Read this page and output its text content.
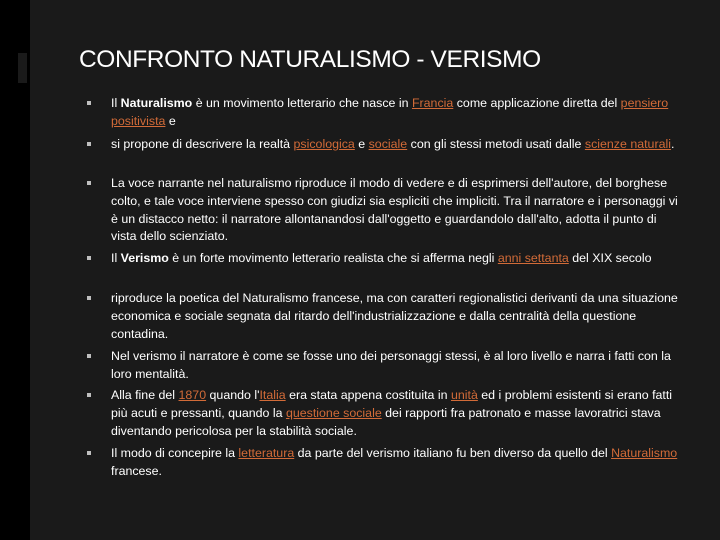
CONFRONTO NATURALISMO - VERISMO
Il Naturalismo è un movimento letterario che nasce in Francia come applicazione diretta del pensiero positivista e
si propone di descrivere la realtà psicologica e sociale con gli stessi metodi usati dalle scienze naturali.
La voce narrante nel naturalismo riproduce il modo di vedere e di esprimersi dell'autore, del borghese colto, e tale voce interviene spesso con giudizi sia espliciti che impliciti. Tra il narratore e i personaggi vi è un distacco netto: il narratore allontanandosi dall'oggetto e guardandolo dall'alto, adotta il punto di vista dello scienziato.
Il Verismo è un forte movimento letterario realista che si afferma negli anni settanta del XIX secolo
riproduce la poetica del Naturalismo francese, ma con caratteri regionalistici derivanti da una situazione economica e sociale segnata dal ritardo dell'industrializzazione e dalla centralità della questione contadina.
Nel verismo il narratore è come se fosse uno dei personaggi stessi, è al loro livello e narra i fatti con la loro mentalità.
Alla fine del 1870 quando l'Italia era stata appena costituita in unità ed i problemi esistenti si erano fatti più acuti e pressanti, quando la questione sociale dei rapporti fra patronato e masse lavoratrici stava diventando pericolosa per la stabilità sociale.
Il modo di concepire la letteratura da parte del verismo italiano fu ben diverso da quello del Naturalismo francese.
